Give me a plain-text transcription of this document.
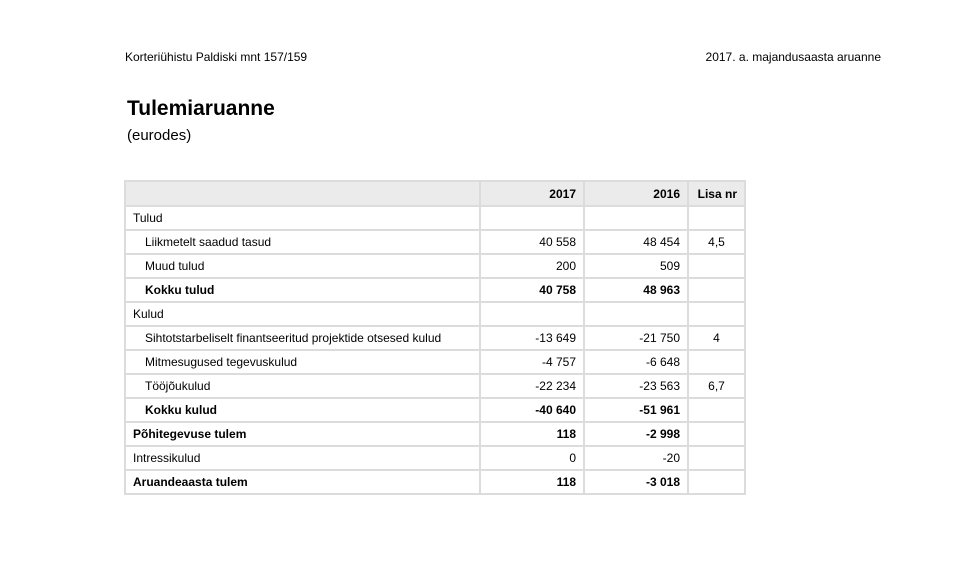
Korteriühistu Paldiski mnt 157/159	2017. a. majandusaasta aruanne
Tulemiaruanne
(eurodes)
	2017	2016	Lisa nr
Tulud			
Liikmetelt saadud tasud	40 558	48 454	4,5
Muud tulud	200	509	
Kokku tulud	40 758	48 963	
Kulud			
Sihtotstarbeliselt finantseeritud projektide otsesed kulud	-13 649	-21 750	4
Mitmesugused tegevuskulud	-4 757	-6 648	
Tööjõukulud	-22 234	-23 563	6,7
Kokku kulud	-40 640	-51 961	
Põhitegevuse tulem	118	-2 998	
Intressikulud	0	-20	
Aruandeaasta tulem	118	-3 018	
